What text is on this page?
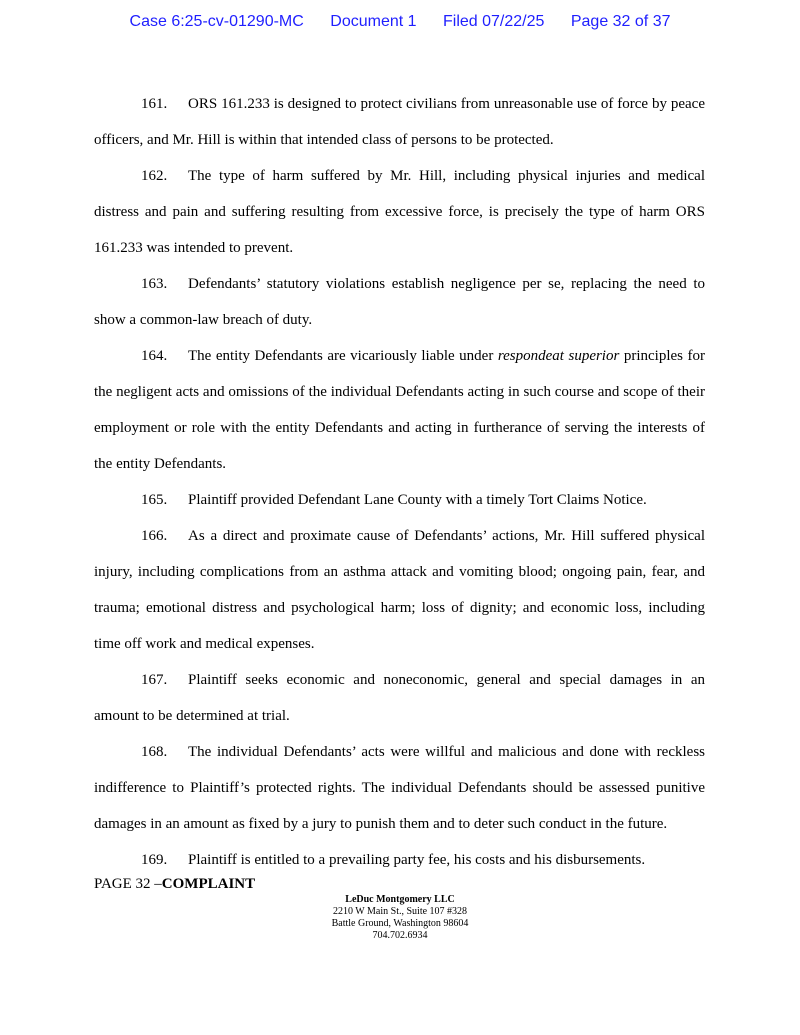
Case 6:25-cv-01290-MC Document 1 Filed 07/22/25 Page 32 of 37

161. ORS 161.233 is designed to protect civilians from unreasonable use of force by peace officers, and Mr. Hill is within that intended class of persons to be protected.

162. The type of harm suffered by Mr. Hill, including physical injuries and medical distress and pain and suffering resulting from excessive force, is precisely the type of harm ORS 161.233 was intended to prevent.

163. Defendants’ statutory violations establish negligence per se, replacing the need to show a common-law breach of duty.

164. The entity Defendants are vicariously liable under respondeat superior principles for the negligent acts and omissions of the individual Defendants acting in such course and scope of their employment or role with the entity Defendants and acting in furtherance of serving the interests of the entity Defendants.

165. Plaintiff provided Defendant Lane County with a timely Tort Claims Notice.

166. As a direct and proximate cause of Defendants’ actions, Mr. Hill suffered physical injury, including complications from an asthma attack and vomiting blood; ongoing pain, fear, and trauma; emotional distress and psychological harm; loss of dignity; and economic loss, including time off work and medical expenses.

167. Plaintiff seeks economic and noneconomic, general and special damages in an amount to be determined at trial.

168. The individual Defendants’ acts were willful and malicious and done with reckless indifference to Plaintiff’s protected rights. The individual Defendants should be assessed punitive damages in an amount as fixed by a jury to punish them and to deter such conduct in the future.

169. Plaintiff is entitled to a prevailing party fee, his costs and his disbursements.

PAGE 32 –COMPLAINT
LeDuc Montgomery LLC
2210 W Main St., Suite 107 #328
Battle Ground, Washington 98604
704.702.6934
